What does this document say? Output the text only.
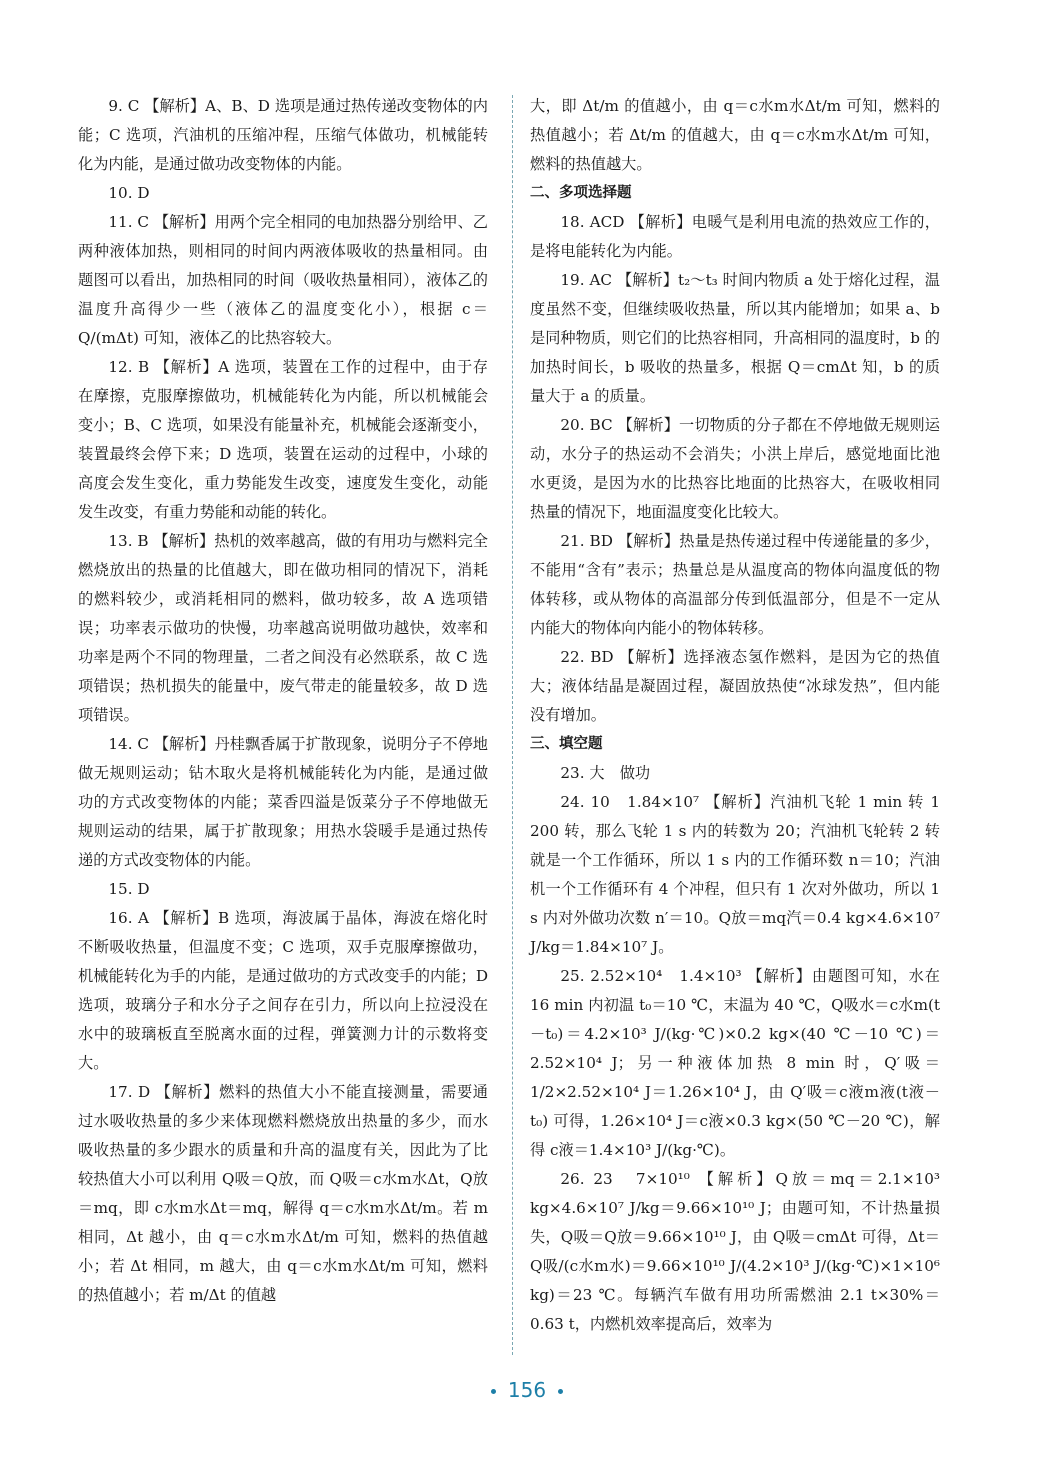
9. C 【解析】A、B、D 选项是通过热传递改变物体的内能；C 选项，汽油机的压缩冲程，压缩气体做功，机械能转化为内能，是通过做功改变物体的内能。

10. D

11. C 【解析】用两个完全相同的电加热器分别给甲、乙两种液体加热，则相同的时间内两液体吸收的热量相同。由题图可以看出，加热相同的时间（吸收热量相同），液体乙的温度升高得少一些（液体乙的温度变化小），根据 c＝Q/(mΔt) 可知，液体乙的比热容较大。

12. B 【解析】A 选项，装置在工作的过程中，由于存在摩擦，克服摩擦做功，机械能转化为内能，所以机械能会变小；B、C 选项，如果没有能量补充，机械能会逐渐变小，装置最终会停下来；D 选项，装置在运动的过程中，小球的高度会发生变化，重力势能发生改变，速度发生变化，动能发生改变，有重力势能和动能的转化。

13. B 【解析】热机的效率越高，做的有用功与燃料完全燃烧放出的热量的比值越大，即在做功相同的情况下，消耗的燃料较少，或消耗相同的燃料，做功较多，故 A 选项错误；功率表示做功的快慢，功率越高说明做功越快，效率和功率是两个不同的物理量，二者之间没有必然联系，故 C 选项错误；热机损失的能量中，废气带走的能量较多，故 D 选项错误。

14. C 【解析】丹桂飘香属于扩散现象，说明分子不停地做无规则运动；钻木取火是将机械能转化为内能，是通过做功的方式改变物体的内能；菜香四溢是饭菜分子不停地做无规则运动的结果，属于扩散现象；用热水袋暖手是通过热传递的方式改变物体的内能。

15. D

16. A 【解析】B 选项，海波属于晶体，海波在熔化时不断吸收热量，但温度不变；C 选项，双手克服摩擦做功，机械能转化为手的内能，是通过做功的方式改变手的内能；D 选项，玻璃分子和水分子之间存在引力，所以向上拉浸没在水中的玻璃板直至脱离水面的过程，弹簧测力计的示数将变大。

17. D 【解析】燃料的热值大小不能直接测量，需要通过水吸收热量的多少来体现燃料燃烧放出热量的多少，而水吸收热量的多少跟水的质量和升高的温度有关，因此为了比较热值大小可以利用 Q吸＝Q放，而 Q吸＝c水m水Δt，Q放＝mq，即 c水m水Δt＝mq，解得 q＝c水m水Δt/m。若 m 相同，Δt 越小，由 q＝c水m水Δt/m 可知，燃料的热值越小；若 Δt 相同，m 越大，由 q＝c水m水Δt/m 可知，燃料的热值越小；若 m/Δt 的值越

大，即 Δt/m 的值越小，由 q＝c水m水Δt/m 可知，燃料的热值越小；若 Δt/m 的值越大，由 q＝c水m水Δt/m 可知，燃料的热值越大。

二、多项选择题

18. ACD 【解析】电暖气是利用电流的热效应工作的，是将电能转化为内能。

19. AC 【解析】t₂～t₃ 时间内物质 a 处于熔化过程，温度虽然不变，但继续吸收热量，所以其内能增加；如果 a、b 是同种物质，则它们的比热容相同，升高相同的温度时，b 的加热时间长，b 吸收的热量多，根据 Q＝cmΔt 知，b 的质量大于 a 的质量。

20. BC 【解析】一切物质的分子都在不停地做无规则运动，水分子的热运动不会消失；小洪上岸后，感觉地面比池水更烫，是因为水的比热容比地面的比热容大，在吸收相同热量的情况下，地面温度变化比较大。

21. BD 【解析】热量是热传递过程中传递能量的多少，不能用“含有”表示；热量总是从温度高的物体向温度低的物体转移，或从物体的高温部分传到低温部分，但是不一定从内能大的物体向内能小的物体转移。

22. BD 【解析】选择液态氢作燃料，是因为它的热值大；液体结晶是凝固过程，凝固放热使“冰球发热”，但内能没有增加。

三、填空题

23. 大　做功

24. 10　1.84×10⁷ 【解析】汽油机飞轮 1 min 转 1 200 转，那么飞轮 1 s 内的转数为 20；汽油机飞轮转 2 转就是一个工作循环，所以 1 s 内的工作循环数 n＝10；汽油机一个工作循环有 4 个冲程，但只有 1 次对外做功，所以 1 s 内对外做功次数 n′＝10。Q放＝mq汽＝0.4 kg×4.6×10⁷ J/kg＝1.84×10⁷ J。

25. 2.52×10⁴　1.4×10³ 【解析】由题图可知，水在 16 min 内初温 t₀＝10 ℃，末温为 40 ℃，Q吸水＝c水m(t－t₀)＝4.2×10³ J/(kg·℃)×0.2 kg×(40 ℃－10 ℃)＝2.52×10⁴ J；另一种液体加热 8 min 时，Q′吸＝1/2×2.52×10⁴ J＝1.26×10⁴ J，由 Q′吸＝c液m液(t液－t₀) 可得，1.26×10⁴ J＝c液×0.3 kg×(50 ℃－20 ℃)，解得 c液＝1.4×10³ J/(kg·℃)。

26. 23　7×10¹⁰ 【解析】Q放＝mq＝2.1×10³ kg×4.6×10⁷ J/kg＝9.66×10¹⁰ J；由题可知，不计热量损失，Q吸＝Q放＝9.66×10¹⁰ J，由 Q吸＝cmΔt 可得，Δt＝Q吸/(c水m水)＝9.66×10¹⁰ J/(4.2×10³ J/(kg·℃)×1×10⁶ kg)＝23 ℃。每辆汽车做有用功所需燃油 2.1 t×30%＝0.63 t，内燃机效率提高后，效率为

156
